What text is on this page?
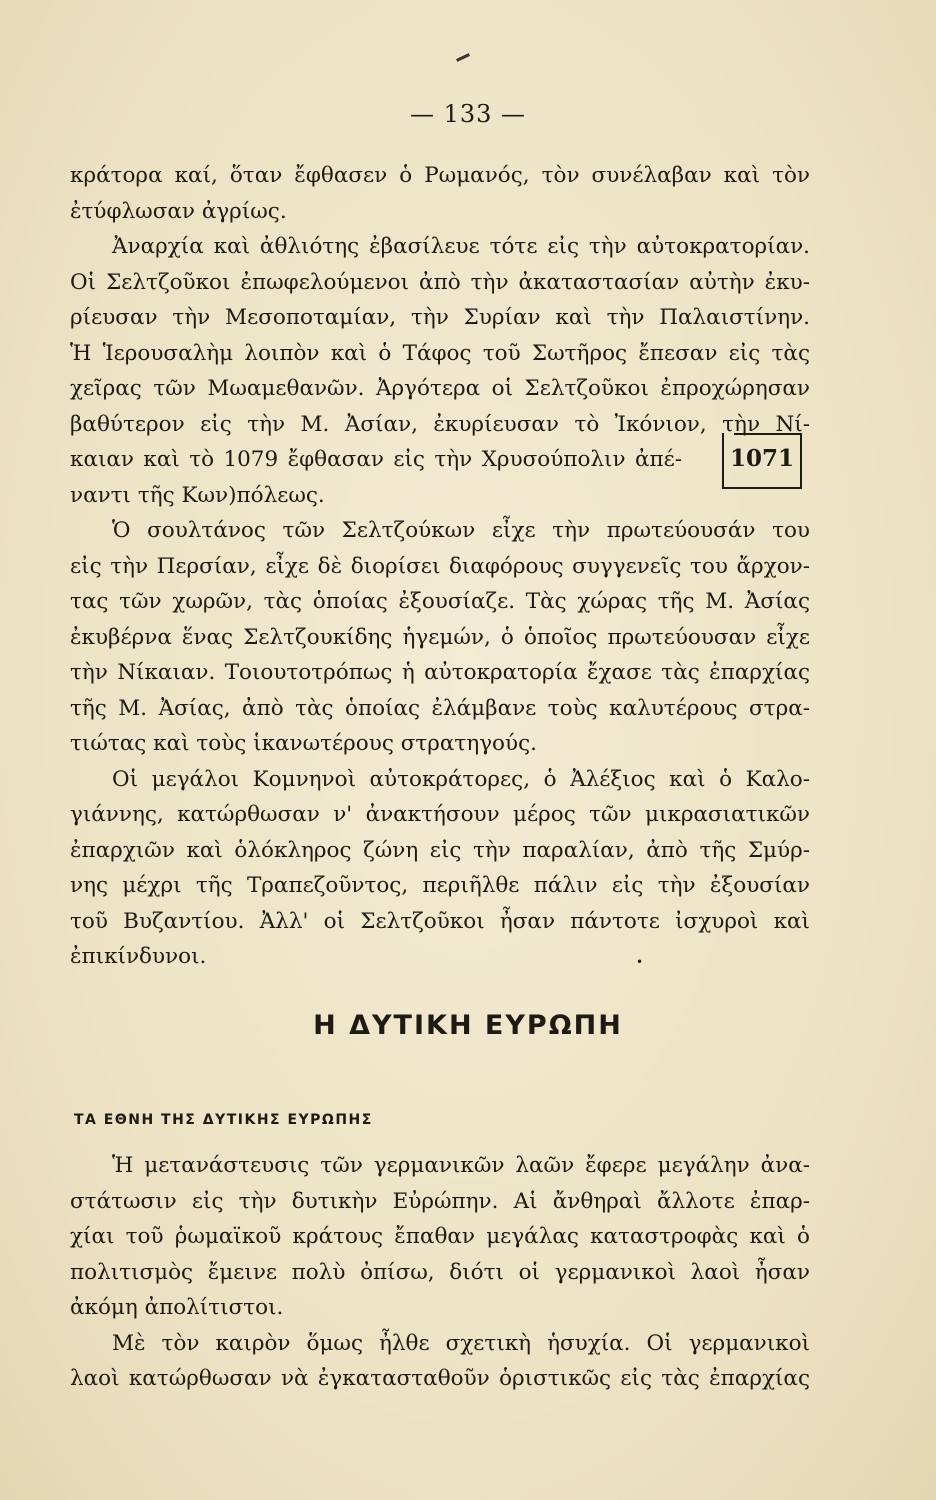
— 133 —
κράτορα καί, ὅταν ἔφθασεν ὁ Ρωμανός, τὸν συνέλαβαν καὶ τὸν
ἐτύφλωσαν ἀγρίως.
Ἀναρχία καὶ ἀθλιότης ἐβασίλευε τότε εἰς τὴν αὐτοκρατορίαν.
Οἱ Σελτζοῦκοι ἐπωφελούμενοι ἀπὸ τὴν ἀκαταστασίαν αὐτὴν ἐκυ-
ρίευσαν τὴν Μεσοποταμίαν, τὴν Συρίαν καὶ τὴν Παλαιστίνην.
Ἡ Ἱερουσαλὴμ λοιπὸν καὶ ὁ Τάφος τοῦ Σωτῆρος ἔπεσαν εἰς τὰς
χεῖρας τῶν Μωαμεθανῶν. Ἀργότερα οἱ Σελτζοῦκοι ἐπροχώρησαν
βαθύτερον εἰς τὴν Μ. Ἀσίαν, ἐκυρίευσαν τὸ Ἰκόνιον, τὴν Νί-
καιαν καὶ τὸ 1079 ἔφθασαν εἰς τὴν Χρυσούπολιν ἀπέ-
ναντι τῆς Κων)πόλεως.
Ὁ σουλτάνος τῶν Σελτζούκων εἶχε τὴν πρωτεύουσάν του
εἰς τὴν Περσίαν, εἶχε δὲ διορίσει διαφόρους συγγενεῖς του ἄρχον-
τας τῶν χωρῶν, τὰς ὁποίας ἐξουσίαζε. Τὰς χώρας τῆς Μ. Ἀσίας
ἐκυβέρνα ἕνας Σελτζουκίδης ἡγεμών, ὁ ὁποῖος πρωτεύουσαν εἶχε
τὴν Νίκαιαν. Τοιουτοτρόπως ἡ αὐτοκρατορία ἔχασε τὰς ἐπαρχίας
τῆς Μ. Ἀσίας, ἀπὸ τὰς ὁποίας ἐλάμβανε τοὺς καλυτέρους στρα-
τιώτας καὶ τοὺς ἱκανωτέρους στρατηγούς.
Οἱ μεγάλοι Κομνηνοὶ αὐτοκράτορες, ὁ Ἀλέξιος καὶ ὁ Καλο-
γιάννης, κατώρθωσαν ν' ἀνακτήσουν μέρος τῶν μικρασιατικῶν
ἐπαρχιῶν καὶ ὁλόκληρος ζώνη εἰς τὴν παραλίαν, ἀπὸ τῆς Σμύρ-
νης μέχρι τῆς Τραπεζοῦντος, περιῆλθε πάλιν εἰς τὴν ἐξουσίαν
τοῦ Βυζαντίου. Ἀλλ' οἱ Σελτζοῦκοι ἦσαν πάντοτε ἰσχυροὶ καὶ
ἐπικίνδυνοι.
1071
•
Η ΔΥΤΙΚΗ ΕΥΡΩΠΗ
ΤΑ ΕΘΝΗ ΤΗΣ ΔΥΤΙΚΗΣ ΕΥΡΩΠΗΣ
Ἡ μετανάστευσις τῶν γερμανικῶν λαῶν ἔφερε μεγάλην ἀνα-
στάτωσιν εἰς τὴν δυτικὴν Εὐρώπην. Αἱ ἄνθηραὶ ἄλλοτε ἐπαρ-
χίαι τοῦ ῥωμαϊκοῦ κράτους ἔπαθαν μεγάλας καταστροφὰς καὶ ὁ
πολιτισμὸς ἔμεινε πολὺ ὀπίσω, διότι οἱ γερμανικοὶ λαοὶ ἦσαν
ἀκόμη ἀπολίτιστοι.
Μὲ τὸν καιρὸν ὅμως ἦλθε σχετικὴ ἡσυχία. Οἱ γερμανικοὶ
λαοὶ κατώρθωσαν νὰ ἐγκατασταθοῦν ὁριστικῶς εἰς τὰς ἐπαρχίας
